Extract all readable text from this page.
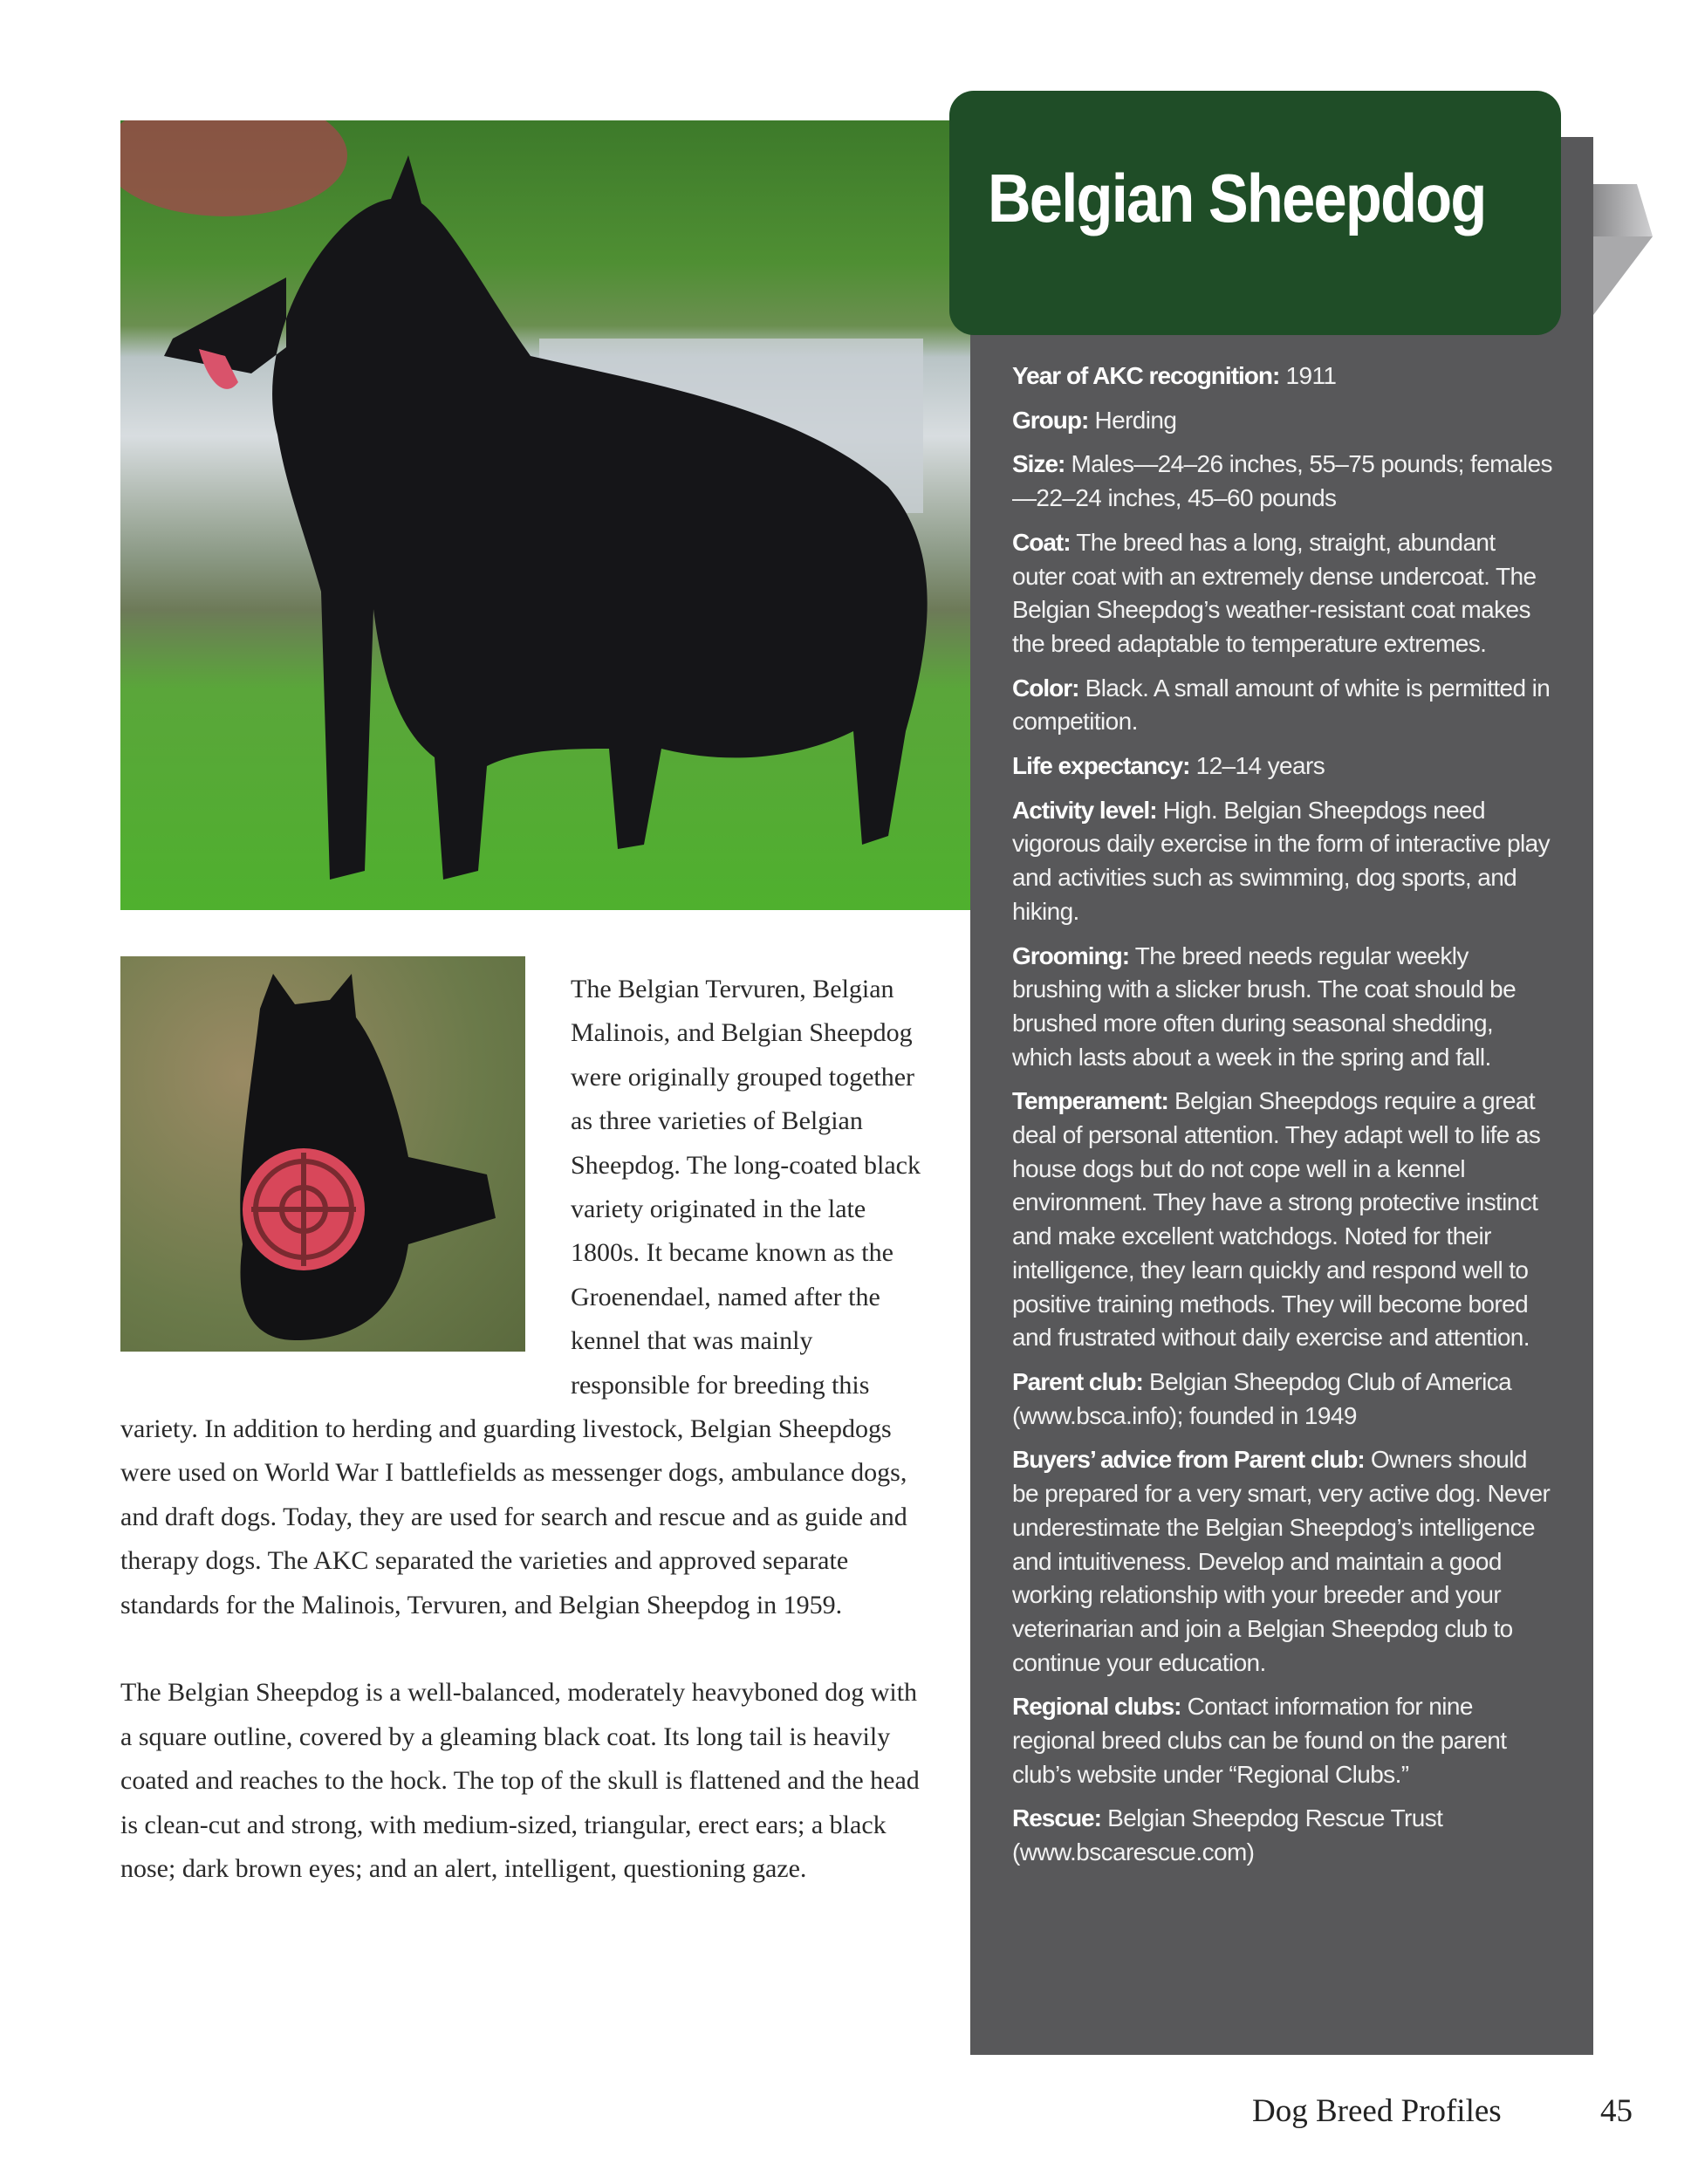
Belgian Sheepdog
Year of AKC recognition: 1911
Group: Herding
Size: Males—24–26 inches, 55–75 pounds; females—22–24 inches, 45–60 pounds
Coat: The breed has a long, straight, abundant outer coat with an extremely dense undercoat. The Belgian Sheepdog’s weather-resistant coat makes the breed adaptable to temperature extremes.
Color: Black. A small amount of white is permitted in competition.
Life expectancy: 12–14 years
Activity level: High. Belgian Sheepdogs need vigorous daily exercise in the form of interactive play and activities such as swimming, dog sports, and hiking.
Grooming: The breed needs regular weekly brushing with a slicker brush. The coat should be brushed more often during seasonal shedding, which lasts about a week in the spring and fall.
Temperament: Belgian Sheepdogs require a great deal of personal attention. They adapt well to life as house dogs but do not cope well in a kennel environment. They have a strong protective instinct and make excellent watchdogs. Noted for their intelligence, they learn quickly and respond well to positive training methods. They will become bored and frustrated without daily exercise and attention.
Parent club: Belgian Sheepdog Club of America (www.bsca.info); founded in 1949
Buyers’ advice from Parent club: Owners should be prepared for a very smart, very active dog. Never underestimate the Belgian Sheepdog’s intelligence and intuitiveness. Develop and maintain a good working relationship with your breeder and your veterinarian and join a Belgian Sheepdog club to continue your education.
Regional clubs: Contact information for nine regional breed clubs can be found on the parent club’s website under “Regional Clubs.”
Rescue: Belgian Sheepdog Rescue Trust (www.bscarescue.com)

The Belgian Tervuren, Belgian Malinois, and Belgian Sheepdog were originally grouped together as three varieties of Belgian Sheepdog. The long-coated black variety originated in the late 1800s. It became known as the Groenendael, named after the kennel that was mainly responsible for breeding this variety. In addition to herding and guarding livestock, Belgian Sheepdogs were used on World War I battlefields as messenger dogs, ambulance dogs, and draft dogs. Today, they are used for search and rescue and as guide and therapy dogs. The AKC separated the varieties and approved separate standards for the Malinois, Tervuren, and Belgian Sheepdog in 1959.

The Belgian Sheepdog is a well-balanced, moderately heavyboned dog with a square outline, covered by a gleaming black coat. Its long tail is heavily coated and reaches to the hock. The top of the skull is flattened and the head is clean-cut and strong, with medium-sized, triangular, erect ears; a black nose; dark brown eyes; and an alert, intelligent, questioning gaze.

Dog Breed Profiles	45
